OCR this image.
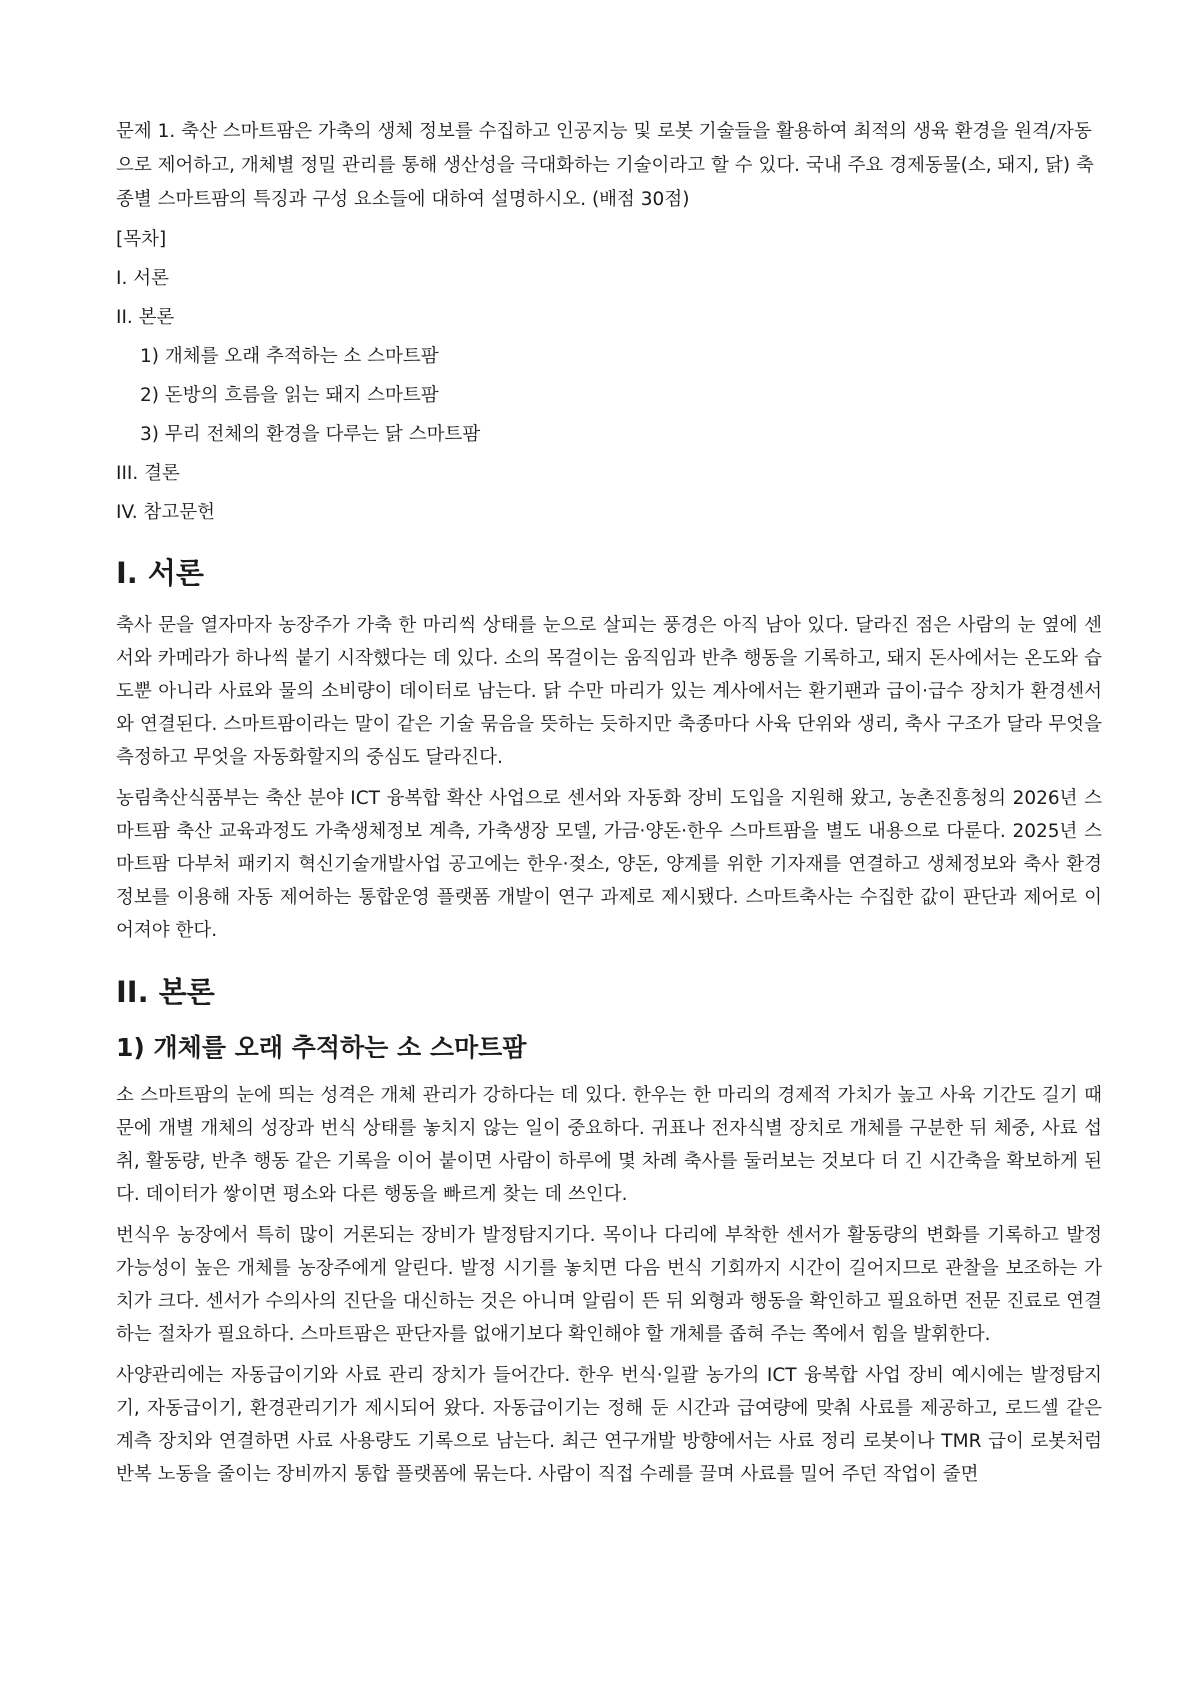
문제 1. 축산 스마트팜은 가축의 생체 정보를 수집하고 인공지능 및 로봇 기술들을 활용하여 최적의 생육 환경을 원격/자동으로 제어하고, 개체별 정밀 관리를 통해 생산성을 극대화하는 기술이라고 할 수 있다. 국내 주요 경제동물(소, 돼지, 닭) 축종별 스마트팜의 특징과 구성 요소들에 대하여 설명하시오. (배점 30점)

[목차]

I. 서론
II. 본론
1) 개체를 오래 추적하는 소 스마트팜
2) 돈방의 흐름을 읽는 돼지 스마트팜
3) 무리 전체의 환경을 다루는 닭 스마트팜
III. 결론
IV. 참고문헌
I. 서론

축사 문을 열자마자 농장주가 가축 한 마리씩 상태를 눈으로 살피는 풍경은 아직 남아 있다. 달라진 점은 사람의 눈 옆에 센서와 카메라가 하나씩 붙기 시작했다는 데 있다. 소의 목걸이는 움직임과 반추 행동을 기록하고, 돼지 돈사에서는 온도와 습도뿐 아니라 사료와 물의 소비량이 데이터로 남는다. 닭 수만 마리가 있는 계사에서는 환기팬과 급이·급수 장치가 환경센서와 연결된다. 스마트팜이라는 말이 같은 기술 묶음을 뜻하는 듯하지만 축종마다 사육 단위와 생리, 축사 구조가 달라 무엇을 측정하고 무엇을 자동화할지의 중심도 달라진다.

농림축산식품부는 축산 분야 ICT 융복합 확산 사업으로 센서와 자동화 장비 도입을 지원해 왔고, 농촌진흥청의 2026년 스마트팜 축산 교육과정도 가축생체정보 계측, 가축생장 모델, 가금·양돈·한우 스마트팜을 별도 내용으로 다룬다. 2025년 스마트팜 다부처 패키지 혁신기술개발사업 공고에는 한우·젖소, 양돈, 양계를 위한 기자재를 연결하고 생체정보와 축사 환경정보를 이용해 자동 제어하는 통합운영 플랫폼 개발이 연구 과제로 제시됐다. 스마트축사는 수집한 값이 판단과 제어로 이어져야 한다.

II. 본론
1) 개체를 오래 추적하는 소 스마트팜

소 스마트팜의 눈에 띄는 성격은 개체 관리가 강하다는 데 있다. 한우는 한 마리의 경제적 가치가 높고 사육 기간도 길기 때문에 개별 개체의 성장과 번식 상태를 놓치지 않는 일이 중요하다. 귀표나 전자식별 장치로 개체를 구분한 뒤 체중, 사료 섭취, 활동량, 반추 행동 같은 기록을 이어 붙이면 사람이 하루에 몇 차례 축사를 둘러보는 것보다 더 긴 시간축을 확보하게 된다. 데이터가 쌓이면 평소와 다른 행동을 빠르게 찾는 데 쓰인다.

번식우 농장에서 특히 많이 거론되는 장비가 발정탐지기다. 목이나 다리에 부착한 센서가 활동량의 변화를 기록하고 발정 가능성이 높은 개체를 농장주에게 알린다. 발정 시기를 놓치면 다음 번식 기회까지 시간이 길어지므로 관찰을 보조하는 가치가 크다. 센서가 수의사의 진단을 대신하는 것은 아니며 알림이 뜬 뒤 외형과 행동을 확인하고 필요하면 전문 진료로 연결하는 절차가 필요하다. 스마트팜은 판단자를 없애기보다 확인해야 할 개체를 좁혀 주는 쪽에서 힘을 발휘한다.

사양관리에는 자동급이기와 사료 관리 장치가 들어간다. 한우 번식·일괄 농가의 ICT 융복합 사업 장비 예시에는 발정탐지기, 자동급이기, 환경관리기가 제시되어 왔다. 자동급이기는 정해 둔 시간과 급여량에 맞춰 사료를 제공하고, 로드셀 같은 계측 장치와 연결하면 사료 사용량도 기록으로 남는다. 최근 연구개발 방향에서는 사료 정리 로봇이나 TMR 급이 로봇처럼 반복 노동을 줄이는 장비까지 통합 플랫폼에 묶는다. 사람이 직접 수레를 끌며 사료를 밀어 주던 작업이 줄면
